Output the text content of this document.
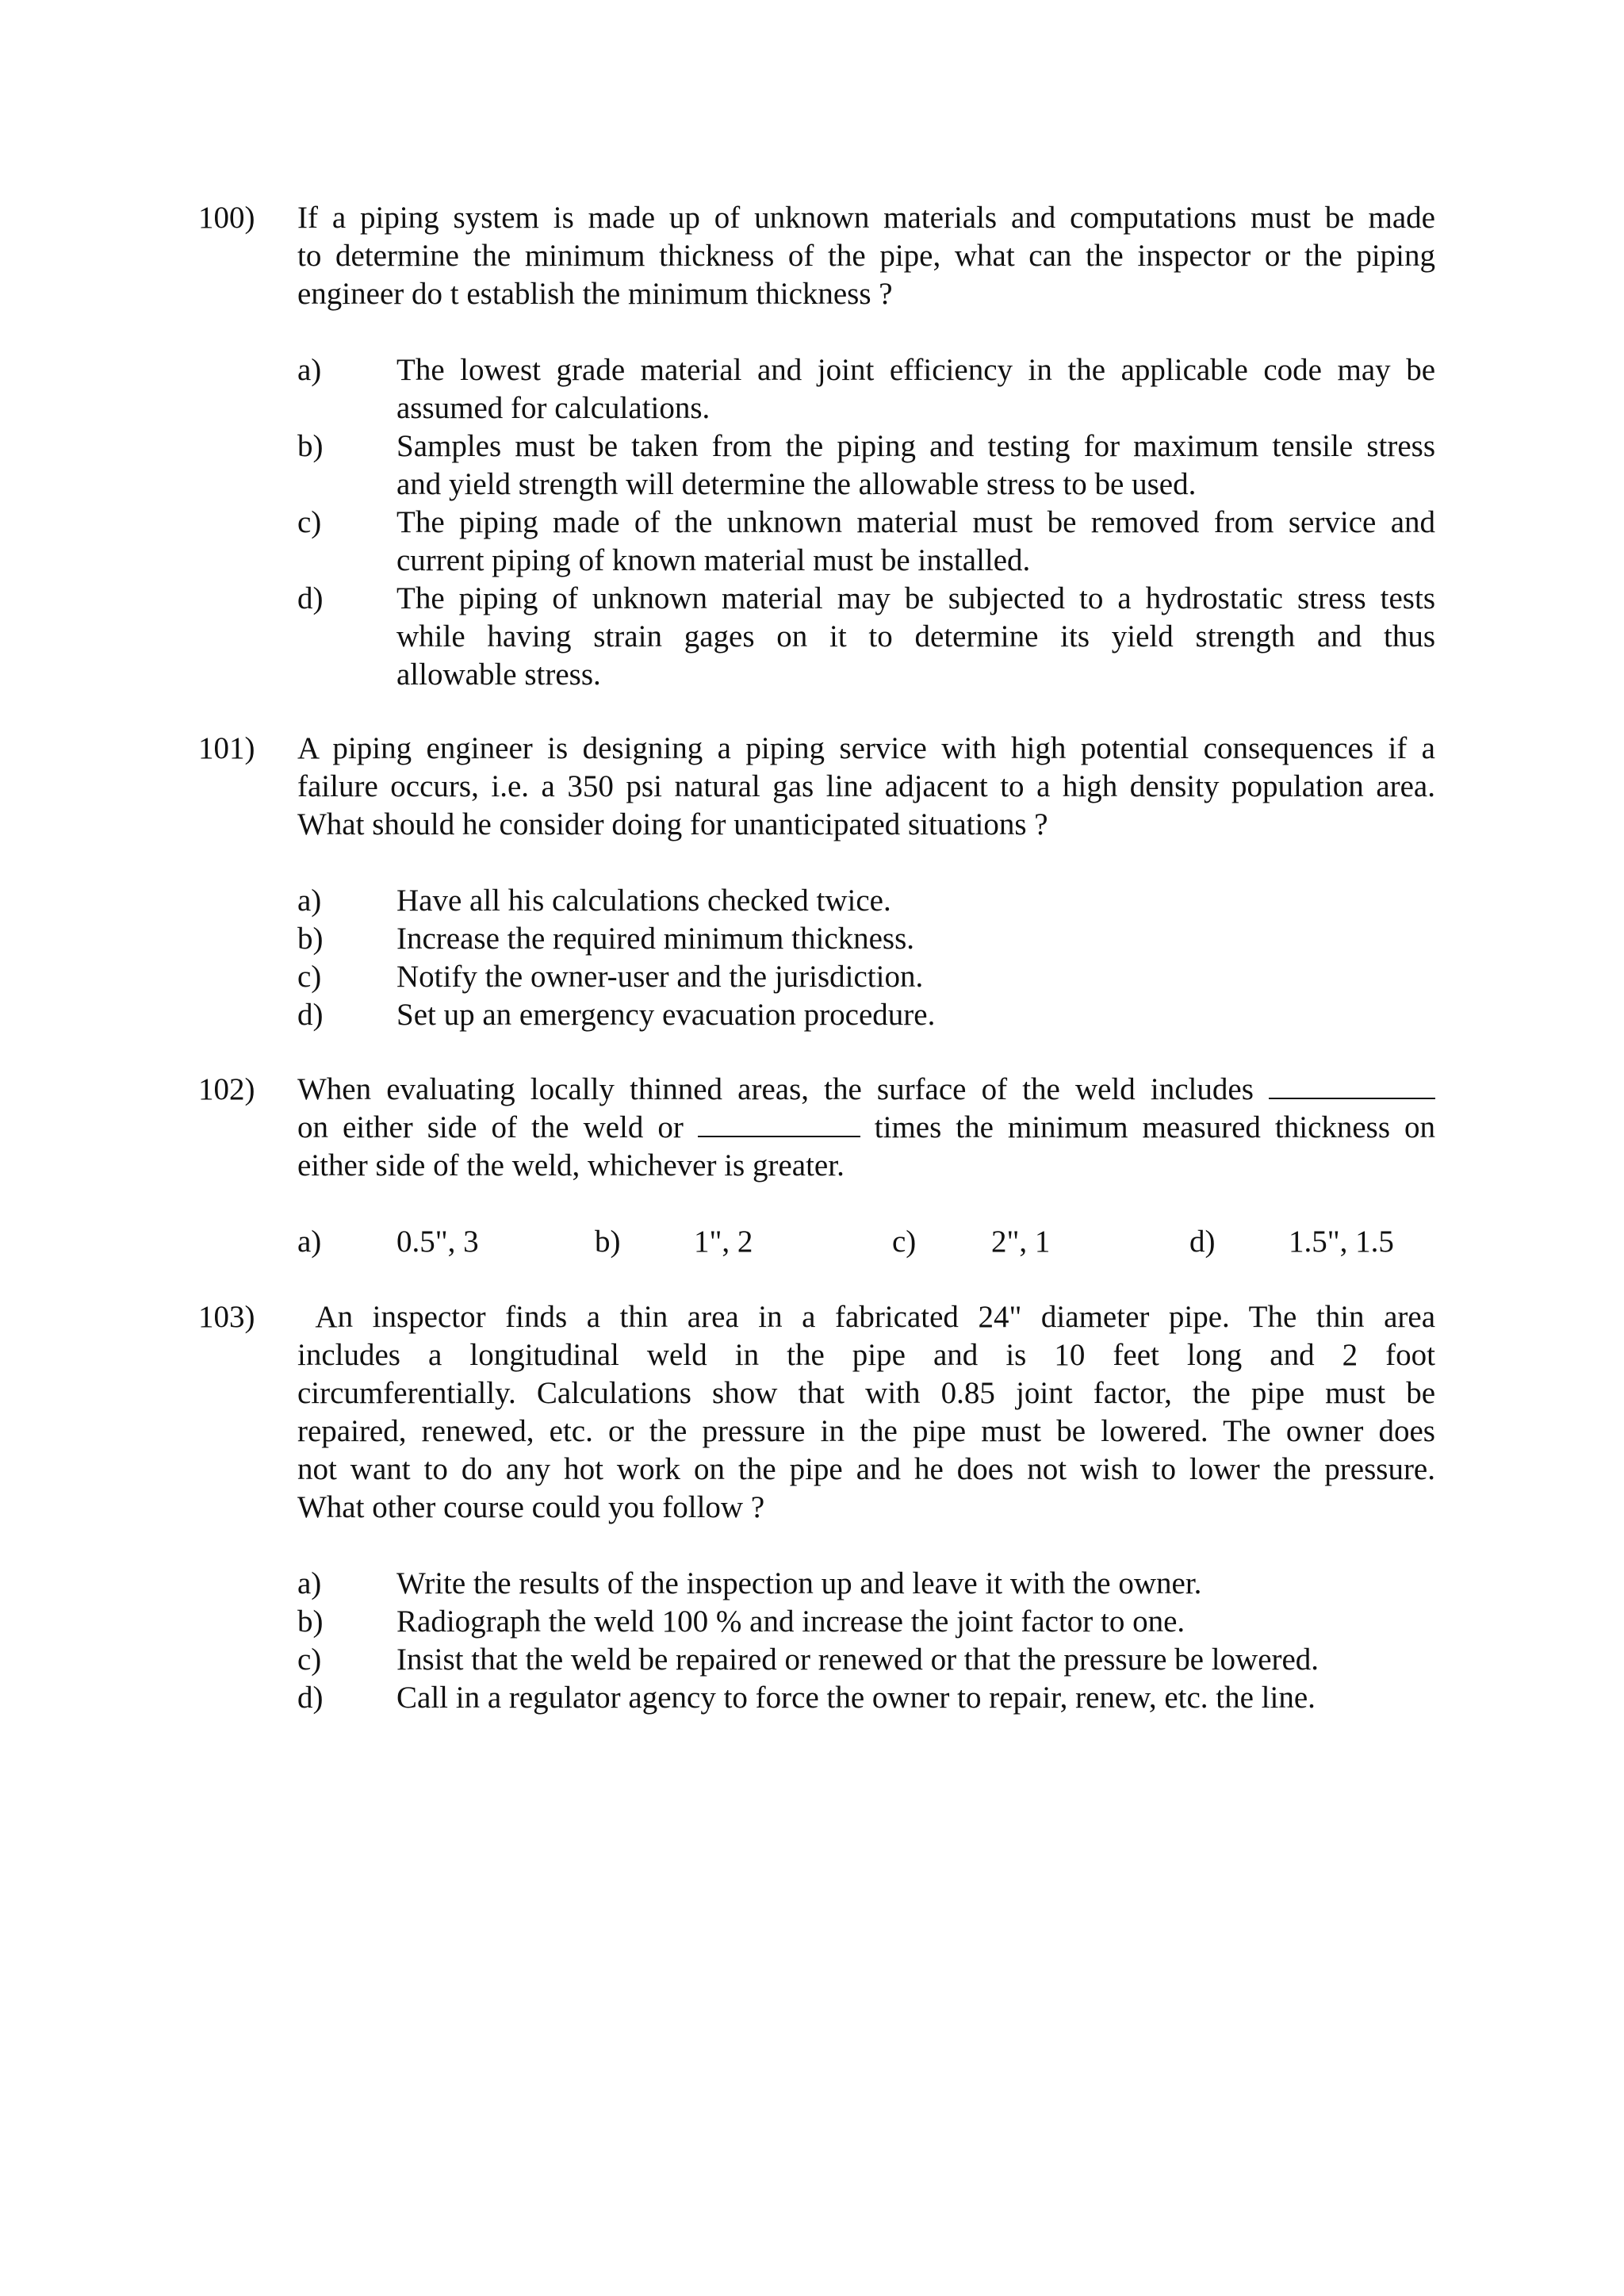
100) If a piping system is made up of unknown materials and computations must be made
to determine the minimum thickness of the pipe, what can the inspector or the piping
engineer do t establish the minimum thickness ?
a) The lowest grade material and joint efficiency in the applicable code may be
assumed for calculations.
b) Samples must be taken from the piping and testing for maximum tensile stress
and yield strength will determine the allowable stress to be used.
c) The piping made of the unknown material must be removed from service and
current piping of known material must be installed.
d) The piping of unknown material may be subjected to a hydrostatic stress tests
while having strain gages on it to determine its yield strength and thus
allowable stress.
101) A piping engineer is designing a piping service with high potential consequences if a
failure occurs, i.e. a 350 psi natural gas line adjacent to a high density population area.
What should he consider doing for unanticipated situations ?
a) Have all his calculations checked twice.
b) Increase the required minimum thickness.
c) Notify the owner-user and the jurisdiction.
d) Set up an emergency evacuation procedure.
102) When evaluating locally thinned areas, the surface of the weld includes
on either side of the weld or	times the minimum measured thickness on
either side of the weld, whichever is greater.
a) 0.5", 3	b) 1", 2	c) 2", 1	d) 1.5", 1.5
103) An inspector finds a thin area in a fabricated 24" diameter pipe. The thin area
includes a longitudinal weld in the pipe and is 10 feet long and 2 foot
circumferentially. Calculations show that with 0.85 joint factor, the pipe must be
repaired, renewed, etc. or the pressure in the pipe must be lowered. The owner does
not want to do any hot work on the pipe and he does not wish to lower the pressure.
What other course could you follow ?
a) Write the results of the inspection up and leave it with the owner.
b) Radiograph the weld 100 % and increase the joint factor to one.
c) Insist that the weld be repaired or renewed or that the pressure be lowered.
d) Call in a regulator agency to force the owner to repair, renew, etc. the line.
